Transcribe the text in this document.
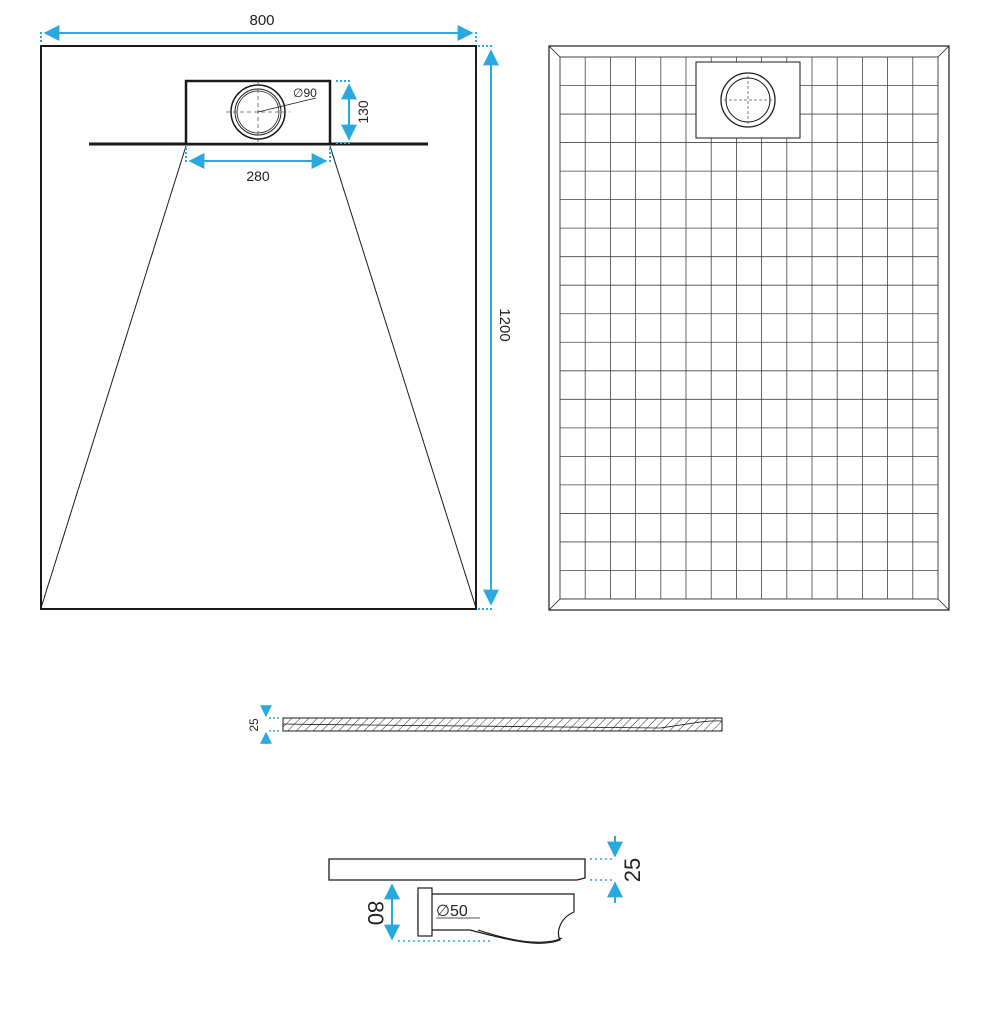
∅90
800
1200
130
280
25
∅50
25
80
